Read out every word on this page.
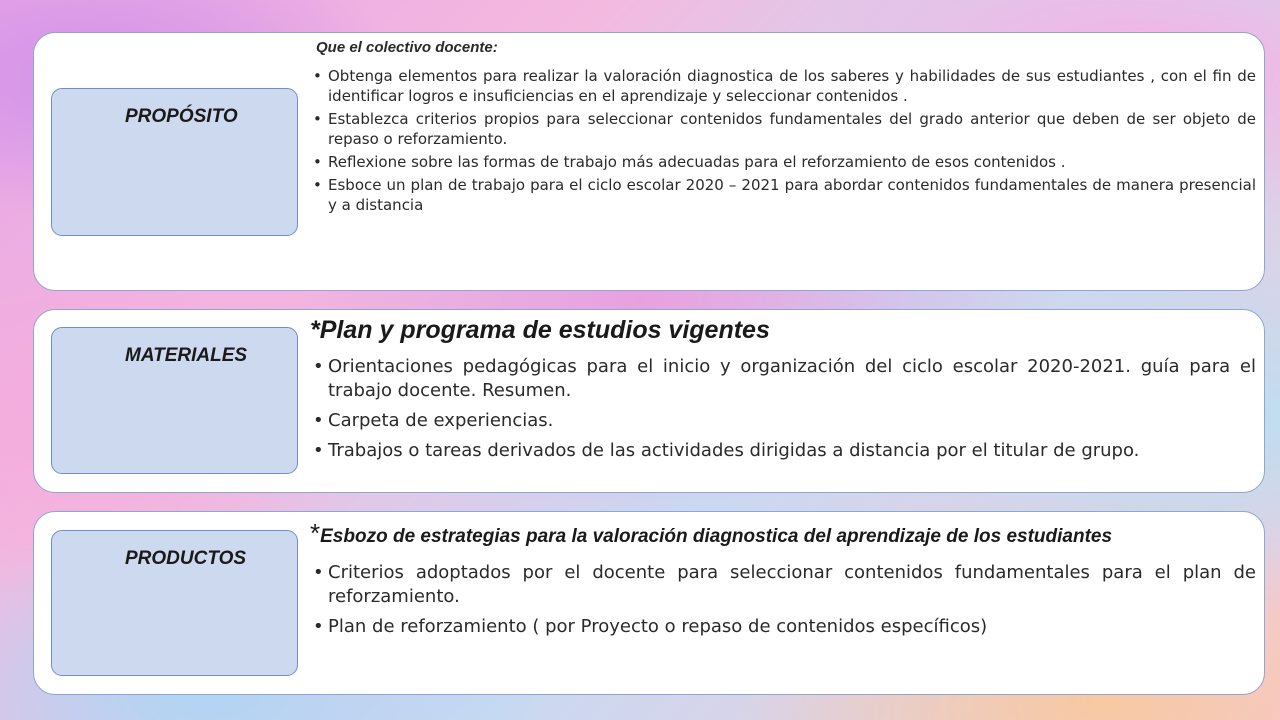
PROPÓSITO
Que el colectivo docente:
• Obtenga elementos para realizar la valoración diagnostica de los saberes y habilidades de sus estudiantes , con el fin de identificar logros e insuficiencias en el aprendizaje y seleccionar contenidos .
• Establezca criterios propios para seleccionar contenidos fundamentales del grado anterior que deben de ser objeto de repaso o reforzamiento.
• Reflexione sobre las formas de trabajo más adecuadas para el reforzamiento de esos contenidos .
• Esboce un plan de trabajo para el ciclo escolar 2020 – 2021 para abordar contenidos fundamentales de manera presencial y a distancia
MATERIALES
*Plan y programa de estudios vigentes
• Orientaciones pedagógicas para el inicio y organización del ciclo escolar 2020-2021. guía para el trabajo docente. Resumen.
• Carpeta de experiencias.
• Trabajos o tareas derivados de las actividades dirigidas a distancia por el titular de grupo.
PRODUCTOS
*Esbozo de estrategias para la valoración diagnostica del aprendizaje de los estudiantes
• Criterios adoptados por el docente para seleccionar contenidos fundamentales para el plan de reforzamiento.
• Plan de reforzamiento ( por Proyecto o repaso de contenidos específicos)
